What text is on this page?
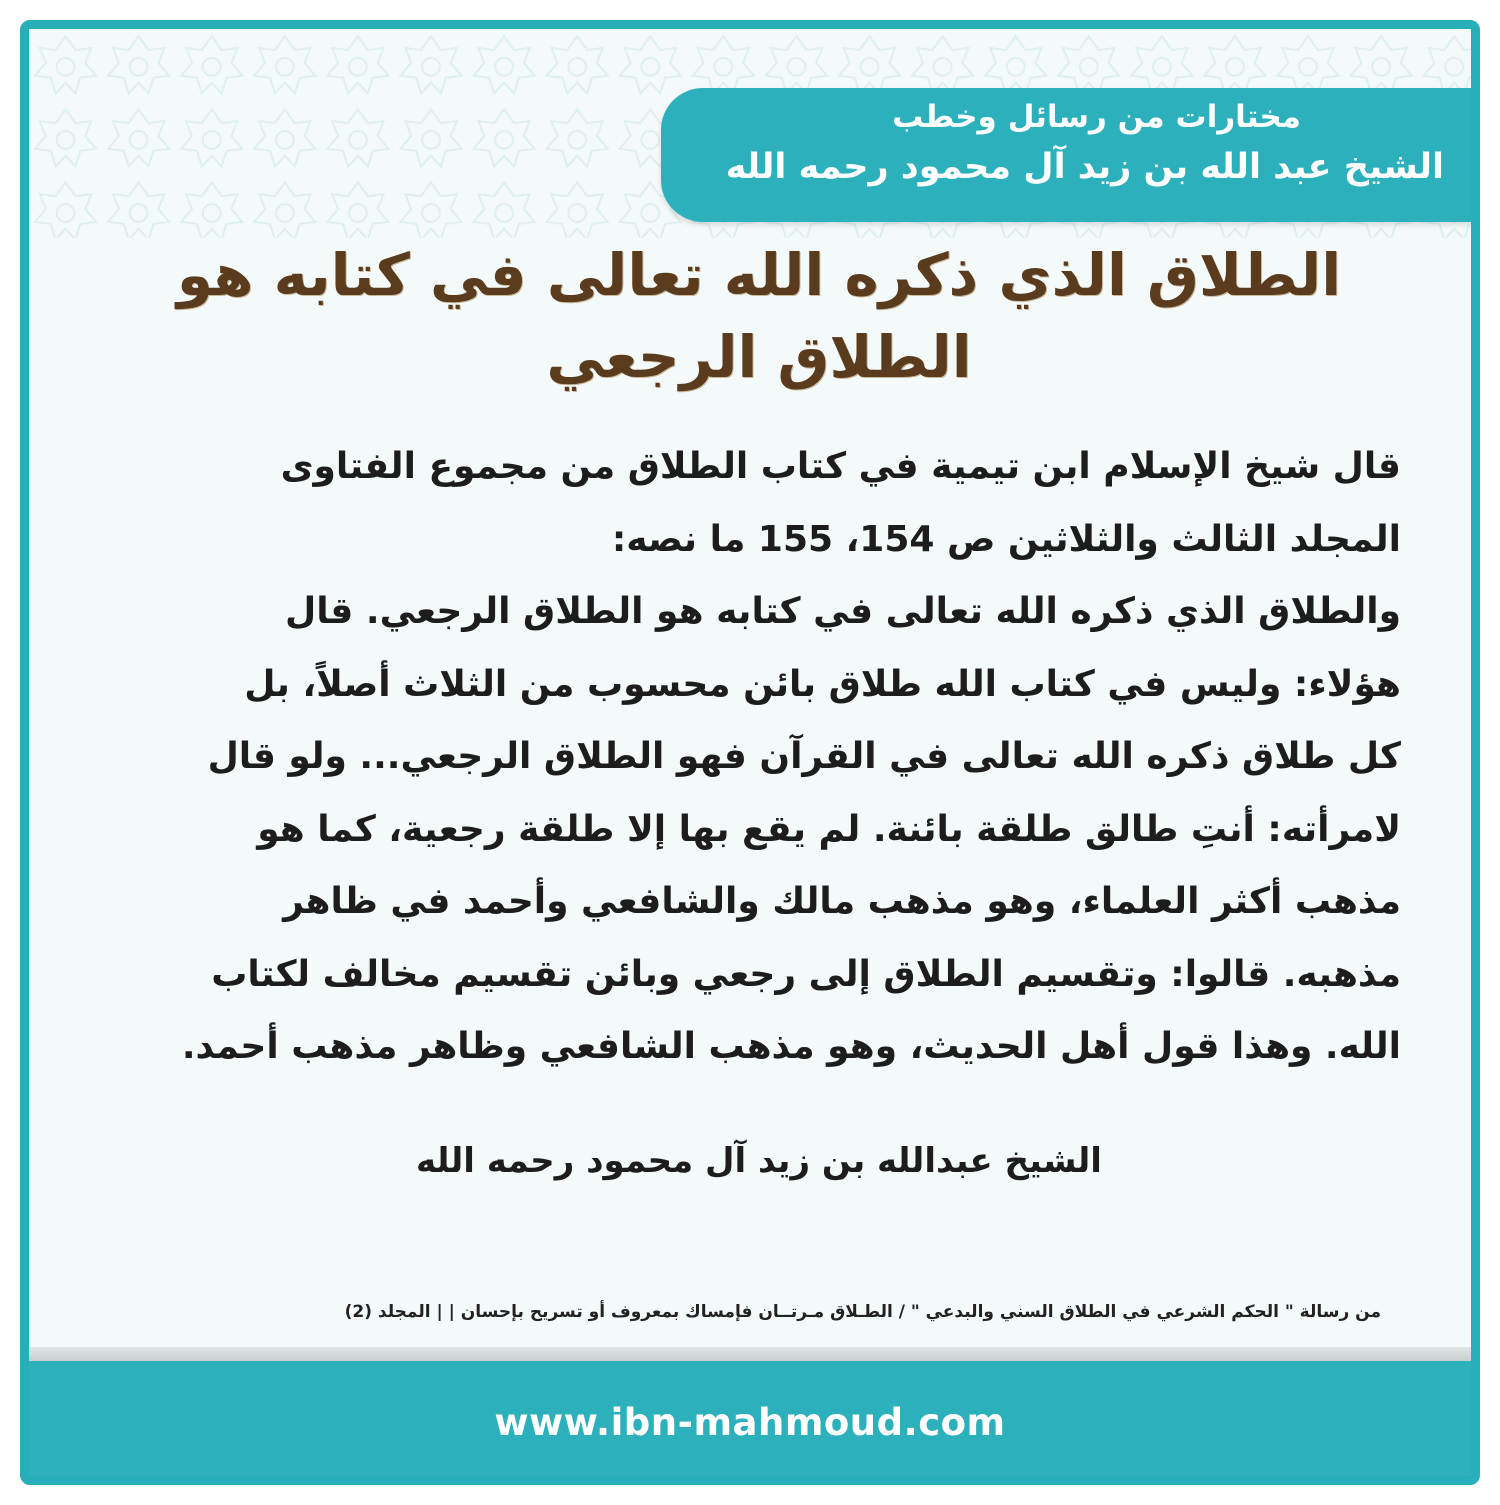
مختارات من رسائل وخطب
الشيخ عبد الله بن زيد آل محمود رحمه الله
الطلاق الذي ذكره الله تعالى في كتابه هو
الطلاق الرجعي
قال شيخ الإسلام ابن تيمية في كتاب الطلاق من مجموع الفتاوى
المجلد الثالث والثلاثين ص 154، 155 ما نصه:
والطلاق الذي ذكره الله تعالى في كتابه هو الطلاق الرجعي. قال
هؤلاء: وليس في كتاب الله طلاق بائن محسوب من الثلاث أصلاً، بل
كل طلاق ذكره الله تعالى في القرآن فهو الطلاق الرجعي... ولو قال
لامرأته: أنتِ طالق طلقة بائنة. لم يقع بها إلا طلقة رجعية، كما هو
مذهب أكثر العلماء، وهو مذهب مالك والشافعي وأحمد في ظاهر
مذهبه. قالوا: وتقسيم الطلاق إلى رجعي وبائن تقسيم مخالف لكتاب
الله. وهذا قول أهل الحديث، وهو مذهب الشافعي وظاهر مذهب أحمد.
الشيخ عبدالله بن زيد آل محمود رحمه الله
من رسالة " الحكم الشرعي في الطلاق السني والبدعي " / الطـلاق مـرتــان فإمساك بمعروف أو تسريح بإحسان | | المجلد (2)
www.ibn-mahmoud.com
